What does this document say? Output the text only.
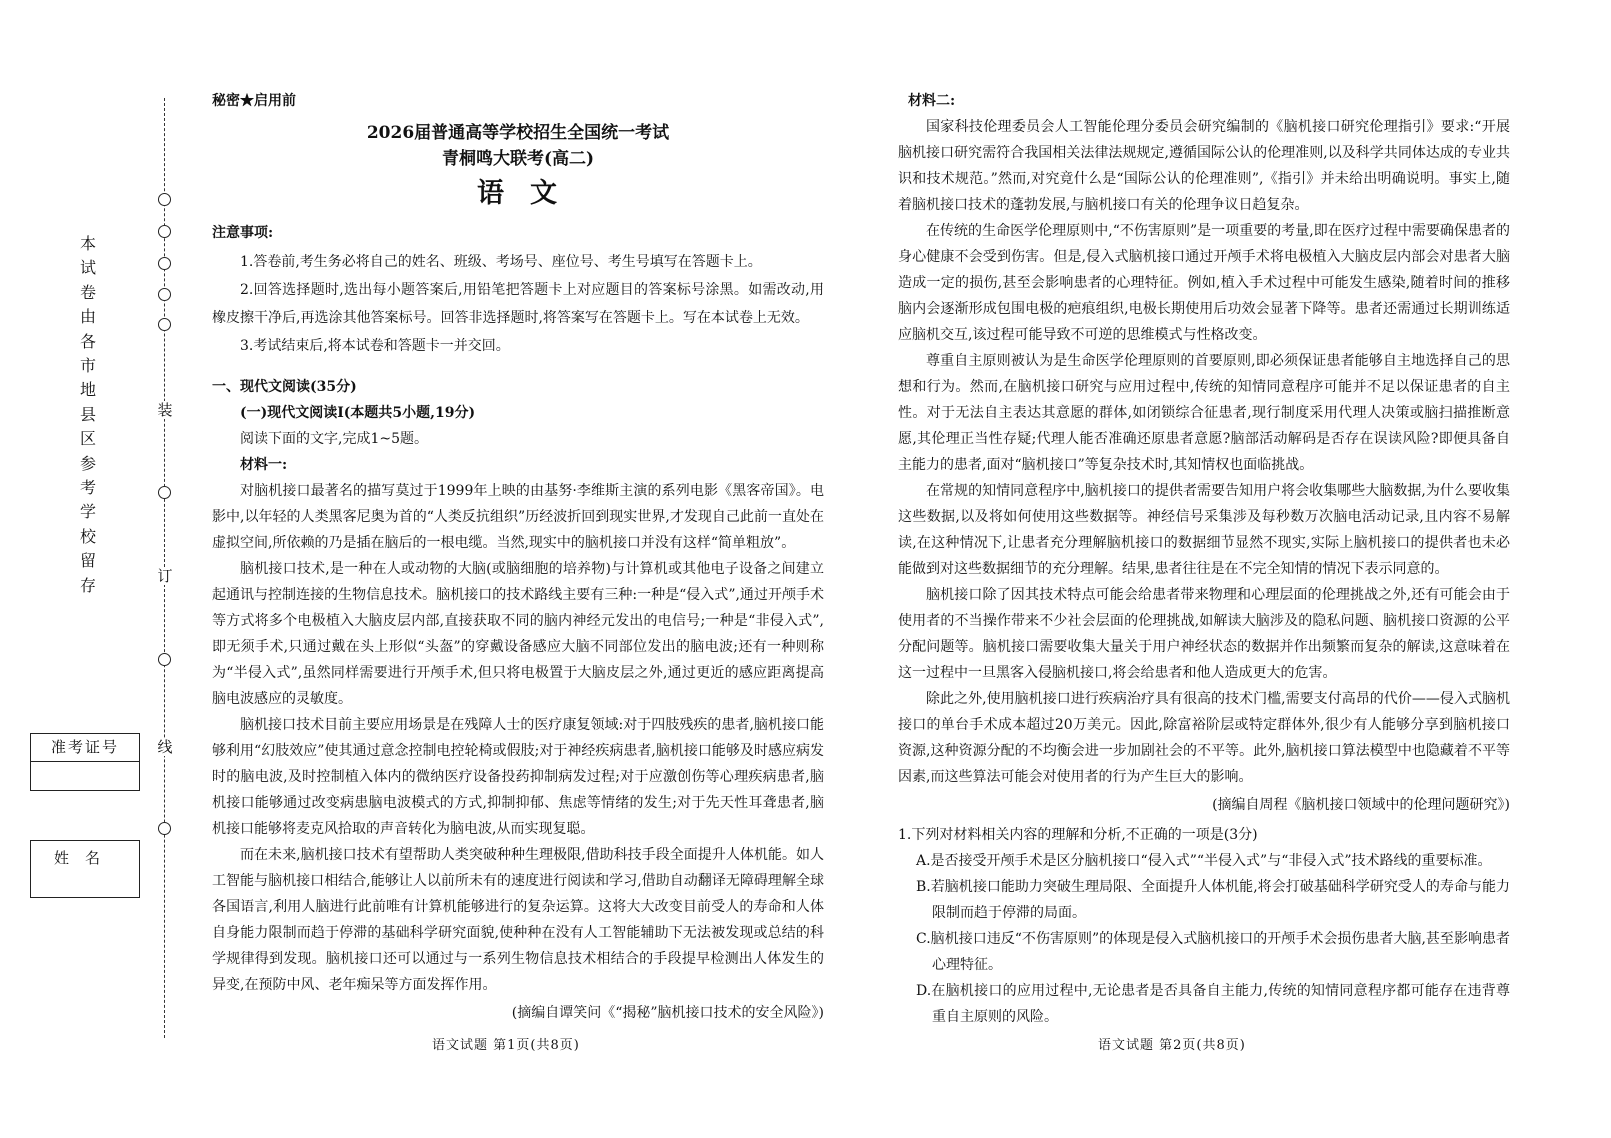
装
订
线
本
试
卷
由
各
市
地
县
区
参
考
学
校
留
存
准考证号
姓名

秘密★启用前

2026届普通高等学校招生全国统一考试

青桐鸣大联考(高二)

语文

注意事项:

1.答卷前,考生务必将自己的姓名、班级、考场号、座位号、考生号填写在答题卡上。

2.回答选择题时,选出每小题答案后,用铅笔把答题卡上对应题目的答案标号涂黑。如需改动,用橡皮擦干净后,再选涂其他答案标号。回答非选择题时,将答案写在答题卡上。写在本试卷上无效。

3.考试结束后,将本试卷和答题卡一并交回。

一、现代文阅读(35分)

(一)现代文阅读Ⅰ(本题共5小题,19分)

阅读下面的文字,完成1~5题。

材料一:

对脑机接口最著名的描写莫过于1999年上映的由基努·李维斯主演的系列电影《黑客帝国》。电影中,以年轻的人类黑客尼奥为首的“人类反抗组织”历经波折回到现实世界,才发现自己此前一直处在虚拟空间,所依赖的乃是插在脑后的一根电缆。当然,现实中的脑机接口并没有这样“简单粗放”。

脑机接口技术,是一种在人或动物的大脑(或脑细胞的培养物)与计算机或其他电子设备之间建立起通讯与控制连接的生物信息技术。脑机接口的技术路线主要有三种:一种是“侵入式”,通过开颅手术等方式将多个电极植入大脑皮层内部,直接获取不同的脑内神经元发出的电信号;一种是“非侵入式”,即无须手术,只通过戴在头上形似“头盔”的穿戴设备感应大脑不同部位发出的脑电波;还有一种则称为“半侵入式”,虽然同样需要进行开颅手术,但只将电极置于大脑皮层之外,通过更近的感应距离提高脑电波感应的灵敏度。

脑机接口技术目前主要应用场景是在残障人士的医疗康复领域:对于四肢残疾的患者,脑机接口能够利用“幻肢效应”使其通过意念控制电控轮椅或假肢;对于神经疾病患者,脑机接口能够及时感应病发时的脑电波,及时控制植入体内的微纳医疗设备投药抑制病发过程;对于应激创伤等心理疾病患者,脑机接口能够通过改变病患脑电波模式的方式,抑制抑郁、焦虑等情绪的发生;对于先天性耳聋患者,脑机接口能够将麦克风拾取的声音转化为脑电波,从而实现复聪。

而在未来,脑机接口技术有望帮助人类突破种种生理极限,借助科技手段全面提升人体机能。如人工智能与脑机接口相结合,能够让人以前所未有的速度进行阅读和学习,借助自动翻译无障碍理解全球各国语言,利用人脑进行此前唯有计算机能够进行的复杂运算。这将大大改变目前受人的寿命和人体自身能力限制而趋于停滞的基础科学研究面貌,使种种在没有人工智能辅助下无法被发现或总结的科学规律得到发现。脑机接口还可以通过与一系列生物信息技术相结合的手段提早检测出人体发生的异变,在预防中风、老年痴呆等方面发挥作用。

(摘编自谭笑问《“揭秘”脑机接口技术的安全风险》)

语文试题 第1页(共8页)

材料二:

国家科技伦理委员会人工智能伦理分委员会研究编制的《脑机接口研究伦理指引》要求:“开展脑机接口研究需符合我国相关法律法规规定,遵循国际公认的伦理准则,以及科学共同体达成的专业共识和技术规范。”然而,对究竟什么是“国际公认的伦理准则”,《指引》并未给出明确说明。事实上,随着脑机接口技术的蓬勃发展,与脑机接口有关的伦理争议日趋复杂。

在传统的生命医学伦理原则中,“不伤害原则”是一项重要的考量,即在医疗过程中需要确保患者的身心健康不会受到伤害。但是,侵入式脑机接口通过开颅手术将电极植入大脑皮层内部会对患者大脑造成一定的损伤,甚至会影响患者的心理特征。例如,植入手术过程中可能发生感染,随着时间的推移脑内会逐渐形成包围电极的疤痕组织,电极长期使用后功效会显著下降等。患者还需通过长期训练适应脑机交互,该过程可能导致不可逆的思维模式与性格改变。

尊重自主原则被认为是生命医学伦理原则的首要原则,即必须保证患者能够自主地选择自己的思想和行为。然而,在脑机接口研究与应用过程中,传统的知情同意程序可能并不足以保证患者的自主性。对于无法自主表达其意愿的群体,如闭锁综合征患者,现行制度采用代理人决策或脑扫描推断意愿,其伦理正当性存疑;代理人能否准确还原患者意愿?脑部活动解码是否存在误读风险?即便具备自主能力的患者,面对“脑机接口”等复杂技术时,其知情权也面临挑战。

在常规的知情同意程序中,脑机接口的提供者需要告知用户将会收集哪些大脑数据,为什么要收集这些数据,以及将如何使用这些数据等。神经信号采集涉及每秒数万次脑电活动记录,且内容不易解读,在这种情况下,让患者充分理解脑机接口的数据细节显然不现实,实际上脑机接口的提供者也未必能做到对这些数据细节的充分理解。结果,患者往往是在不完全知情的情况下表示同意的。

脑机接口除了因其技术特点可能会给患者带来物理和心理层面的伦理挑战之外,还有可能会由于使用者的不当操作带来不少社会层面的伦理挑战,如解读大脑涉及的隐私问题、脑机接口资源的公平分配问题等。脑机接口需要收集大量关于用户神经状态的数据并作出频繁而复杂的解读,这意味着在这一过程中一旦黑客入侵脑机接口,将会给患者和他人造成更大的危害。

除此之外,使用脑机接口进行疾病治疗具有很高的技术门槛,需要支付高昂的代价——侵入式脑机接口的单台手术成本超过20万美元。因此,除富裕阶层或特定群体外,很少有人能够分享到脑机接口资源,这种资源分配的不均衡会进一步加剧社会的不平等。此外,脑机接口算法模型中也隐藏着不平等因素,而这些算法可能会对使用者的行为产生巨大的影响。

(摘编自周程《脑机接口领域中的伦理问题研究》)

1.下列对材料相关内容的理解和分析,不正确的一项是(3分)

A.是否接受开颅手术是区分脑机接口“侵入式”“半侵入式”与“非侵入式”技术路线的重要标准。

B.若脑机接口能助力突破生理局限、全面提升人体机能,将会打破基础科学研究受人的寿命与能力限制而趋于停滞的局面。

C.脑机接口违反“不伤害原则”的体现是侵入式脑机接口的开颅手术会损伤患者大脑,甚至影响患者心理特征。

D.在脑机接口的应用过程中,无论患者是否具备自主能力,传统的知情同意程序都可能存在违背尊重自主原则的风险。

语文试题 第2页(共8页)
